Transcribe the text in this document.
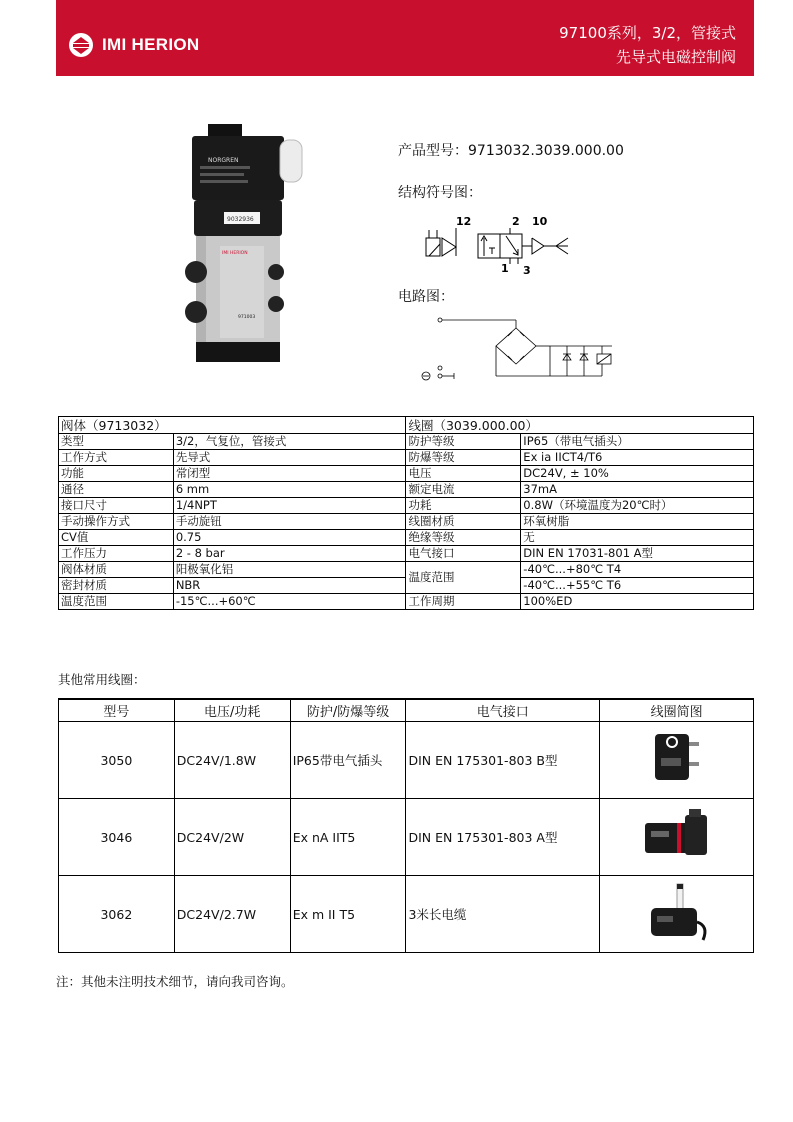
IMI HERION
97100系列，3/2，管接式
先导式电磁控制阀
NORGREN
9032936
IMI HERION
971003
产品型号：9713032.3039.000.00
结构符号图：
12	2 10
1 3
电路图：
阀体（9713032）		线圈（3039.000.00）	
类型	3/2，气复位，管接式	防护等级	IP65（带电气插头）
工作方式	先导式	防爆等级	Ex ia IICT4/T6
功能	常闭型	电压	DC24V, ± 10%
通径	6 mm	额定电流	37mA
接口尺寸	1/4NPT	功耗	0.8W（环境温度为20℃时）
手动操作方式	手动旋钮	线圈材质	环氧树脂
CV值	0.75	绝缘等级	无
工作压力	2 - 8 bar	电气接口	DIN EN 17031-801 A型
阀体材质	阳极氧化铝	温度范围	-40℃...+80℃ T4
密封材质	NBR		-40℃...+55℃ T6
温度范围	-15℃...+60℃	工作周期	100%ED
其他常用线圈：
型号	电压/功耗	防护/防爆等级	电气接口	线圈简图
3050	DC24V/1.8W	IP65带电气插头	DIN EN 175301-803 B型	
3046	DC24V/2W	Ex nA IIT5	DIN EN 175301-803 A型	
3062	DC24V/2.7W	Ex m II T5	3米长电缆	
注：其他未注明技术细节，请向我司咨询。
